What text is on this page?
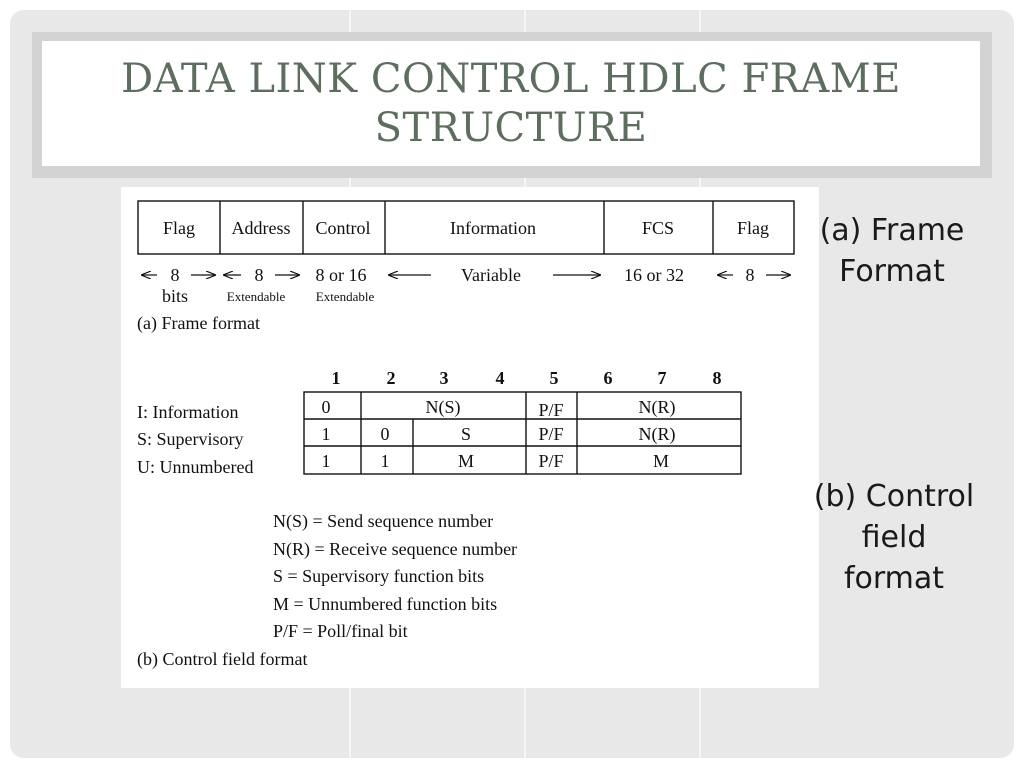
DATA LINK CONTROL HDLC FRAME
STRUCTURE
Flag Address Control	Information	FCS	Flag
8	8	8 or 16	Variable	16 or 32	8
bits	Extendable Extendable
(a) Frame format
1	2 3	4	5	6	7	8
I: Information
S: Supervisory
U: Unnumbered
0	N(S)	P/F	N(R)
1	0	S	P/F	N(R)
1	1	M	P/F	M
N(S) = Send sequence number
N(R) = Receive sequence number
S = Supervisory function bits
M = Unnumbered function bits
P/F = Poll/final bit
(b) Control field format
(a) Frame Format
(b) Control
field
format
